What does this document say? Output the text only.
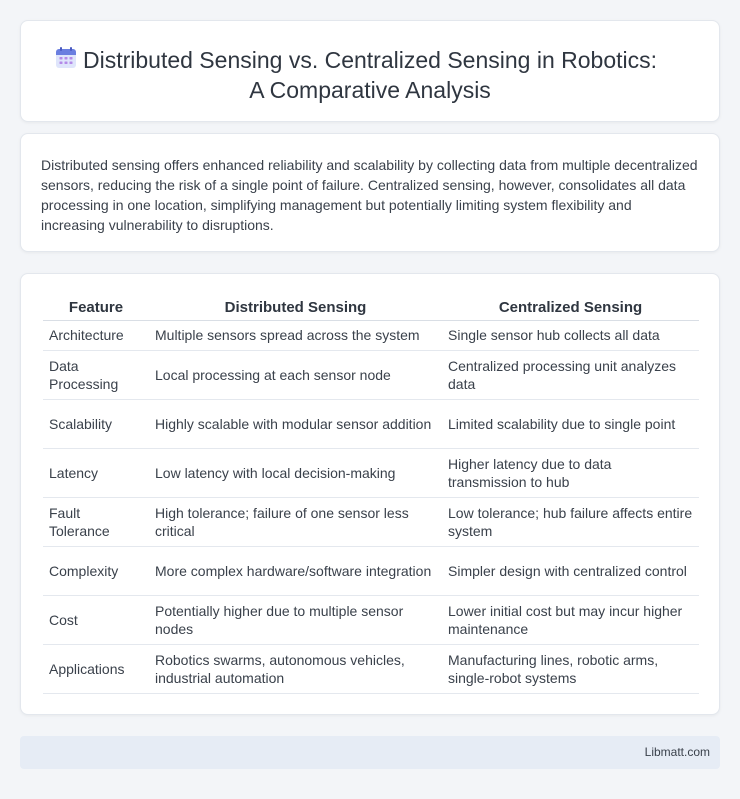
Distributed Sensing vs. Centralized Sensing in Robotics:
A Comparative Analysis

Distributed sensing offers enhanced reliability and scalability by collecting data from multiple decentralized sensors, reducing the risk of a single point of failure. Centralized sensing, however, consolidates all data processing in one location, simplifying management but potentially limiting system flexibility and increasing vulnerability to disruptions.

Feature	Distributed Sensing	Centralized Sensing
Architecture	Multiple sensors spread across the system	Single sensor hub collects all data
Data Processing	Local processing at each sensor node	Centralized processing unit analyzes data
Scalability	Highly scalable with modular sensor addition	Limited scalability due to single point
Latency	Low latency with local decision-making	Higher latency due to data transmission to hub
Fault Tolerance	High tolerance; failure of one sensor less critical	Low tolerance; hub failure affects entire system
Complexity	More complex hardware/software integration	Simpler design with centralized control
Cost	Potentially higher due to multiple sensor nodes	Lower initial cost but may incur higher maintenance
Applications	Robotics swarms, autonomous vehicles, industrial automation	Manufacturing lines, robotic arms, single-robot systems
Libmatt.com
